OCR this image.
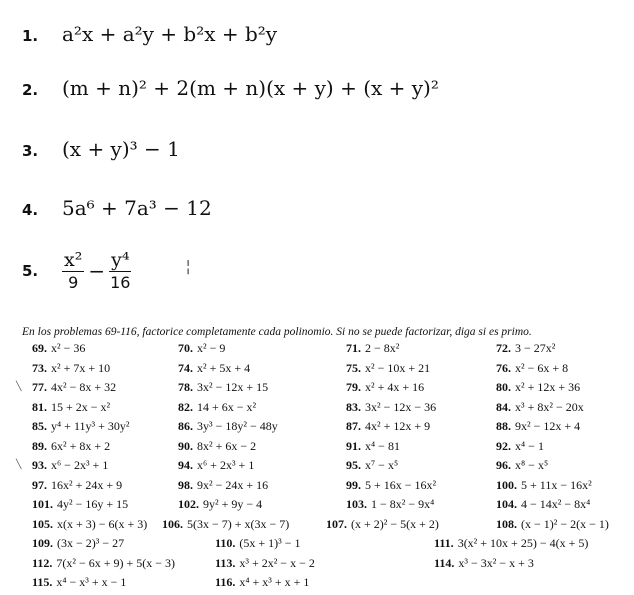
1.	a²x + a²y + b²x + b²y
2.	(m + n)² + 2(m + n)(x + y) + (x + y)²
3.	(x + y)³ − 1
4.	5a⁶ + 7a³ − 12
5.	$\frac{\text{x²}}{9} - \frac{\text{y⁴}}{16}$	╎
En los problemas 69-116, factorice completamente cada polinomio. Si no se puede factorizar, diga si es primo.
69. x² − 36	70. x² − 9	71. 2 − 8x²	72. 3 − 27x²
73. x² + 7x + 10	74. x² + 5x + 4	75. x² − 10x + 21	76. x² − 6x + 8
╲ 77. 4x² − 8x + 32	78. 3x² − 12x + 15	79. x² + 4x + 16	80. x² + 12x + 36
81. 15 + 2x − x²	82. 14 + 6x − x²	83. 3x² − 12x − 36	84. x³ + 8x² − 20x
85. y⁴ + 11y³ + 30y²	86. 3y³ − 18y² − 48y	87. 4x² + 12x + 9	88. 9x² − 12x + 4
89. 6x² + 8x + 2	90. 8x² + 6x − 2	91. x⁴ − 81	92. x⁴ − 1
╲ 93. x⁶ − 2x³ + 1	94. x⁶ + 2x³ + 1	95. x⁷ − x⁵	96. x⁸ − x⁵
97. 16x² + 24x + 9	98. 9x² − 24x + 16	99. 5 + 16x − 16x²	100. 5 + 11x − 16x²
101. 4y² − 16y + 15	102. 9y² + 9y − 4	103. 1 − 8x² − 9x⁴	104. 4 − 14x² − 8x⁴
105. x(x + 3) − 6(x + 3) 106. 5(3x − 7) + x(3x − 7)	107. (x + 2)² − 5(x + 2)	108. (x − 1)² − 2(x − 1)
109. (3x − 2)³ − 27	110. (5x + 1)³ − 1	111. 3(x² + 10x + 25) − 4(x + 5)
112. 7(x² − 6x + 9) + 5(x − 3)	113. x³ + 2x² − x − 2	114. x³ − 3x² − x + 3
115. x⁴ − x³ + x − 1	116. x⁴ + x³ + x + 1
